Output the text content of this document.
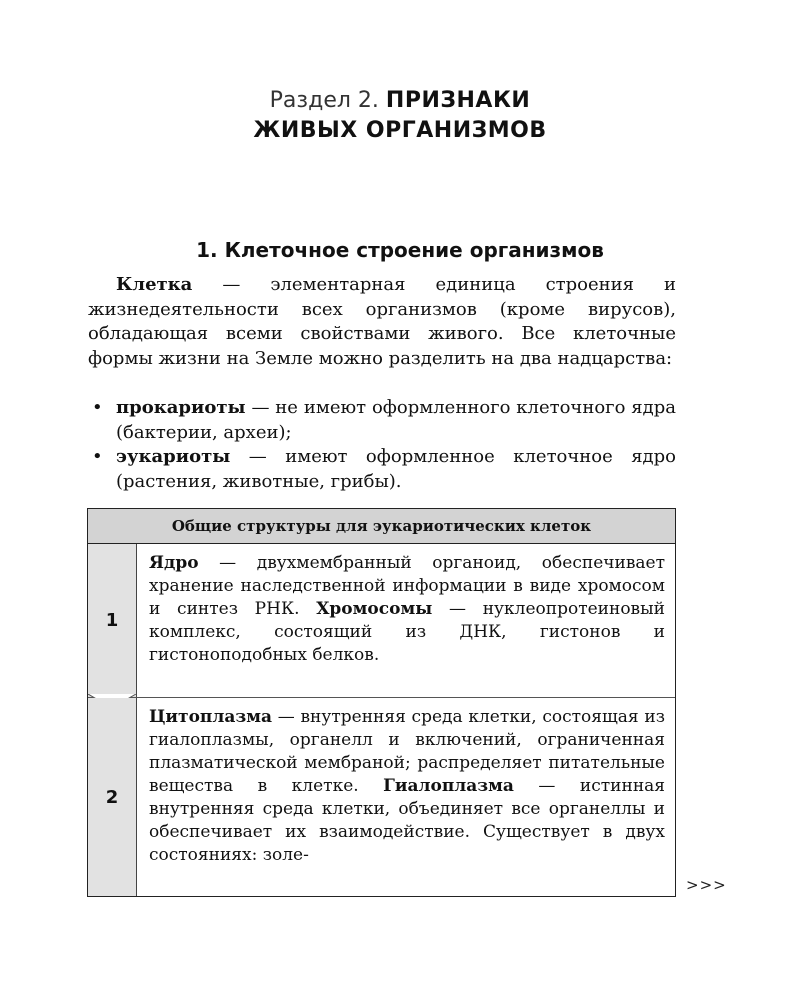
Раздел 2. ПРИЗНАКИ
ЖИВЫХ ОРГАНИЗМОВ
1. Клеточное строение организмов

Клетка — элементарная единица строения и жизнедеятельности всех организмов (кроме вирусов), обладающая всеми свойствами живого. Все клеточные формы жизни на Земле можно разделить на два надцарства:

• прокариоты — не имеют оформленного клеточного ядра (бактерии, археи);
• эукариоты — имеют оформленное клеточное ядро (растения, животные, грибы).
Общие структуры для эукариотических клеток
1
Ядро — двухмембранный органоид, обеспечивает хранение наследственной информации в виде хромосом и синтез РНК. Хромосомы — нуклеопротеиновый комплекс, состоящий из ДНК, гистонов и гистоноподобных белков.
2
Цитоплазма — внутренняя среда клетки, состоящая из гиалоплазмы, органелл и включений, ограниченная плазматической мембраной; распределяет питательные вещества в клетке. Гиалоплазма — истинная внутренняя среда клетки, объединяет все органеллы и обеспечивает их взаимодействие. Существует в двух состояниях: золе-
>>>
